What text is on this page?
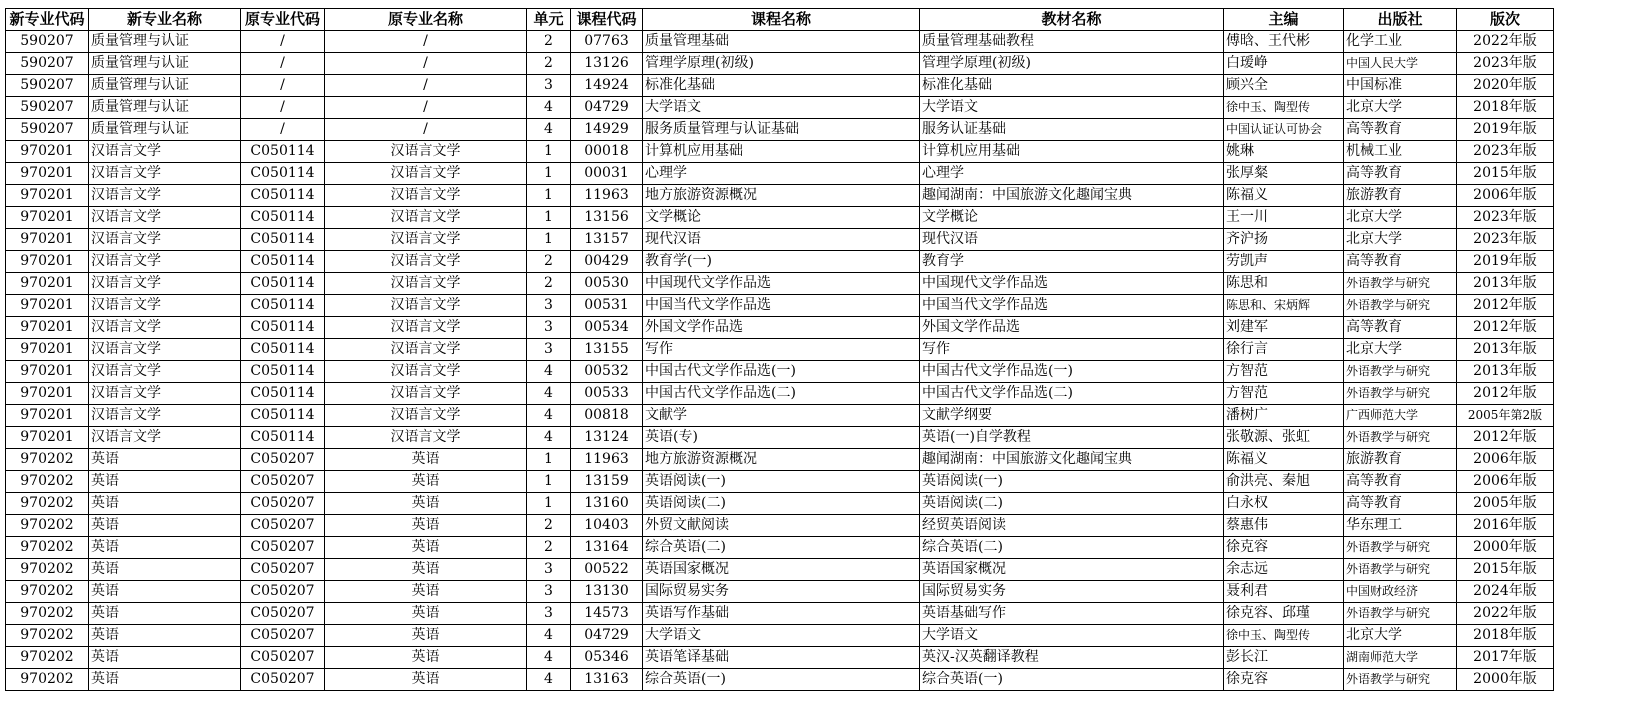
新专业代码	新专业名称	原专业代码	原专业名称	单元	课程代码	课程名称	教材名称	主编	出版社	版次
590207	质量管理与认证	/	/	2	07763	质量管理基础	质量管理基础教程	傅晗、王代彬	化学工业	2022年版
590207	质量管理与认证	/	/	2	13126	管理学原理(初级)	管理学原理(初级)	白瑷峥	中国人民大学	2023年版
590207	质量管理与认证	/	/	3	14924	标准化基础	标准化基础	顾兴全	中国标准	2020年版
590207	质量管理与认证	/	/	4	04729	大学语文	大学语文	徐中玉、陶型传	北京大学	2018年版
590207	质量管理与认证	/	/	4	14929	服务质量管理与认证基础	服务认证基础	中国认证认可协会	高等教育	2019年版
970201	汉语言文学	C050114	汉语言文学	1	00018	计算机应用基础	计算机应用基础	姚琳	机械工业	2023年版
970201	汉语言文学	C050114	汉语言文学	1	00031	心理学	心理学	张厚粲	高等教育	2015年版
970201	汉语言文学	C050114	汉语言文学	1	11963	地方旅游资源概况	趣闻湖南：中国旅游文化趣闻宝典	陈福义	旅游教育	2006年版
970201	汉语言文学	C050114	汉语言文学	1	13156	文学概论	文学概论	王一川	北京大学	2023年版
970201	汉语言文学	C050114	汉语言文学	1	13157	现代汉语	现代汉语	齐沪扬	北京大学	2023年版
970201	汉语言文学	C050114	汉语言文学	2	00429	教育学(一)	教育学	劳凯声	高等教育	2019年版
970201	汉语言文学	C050114	汉语言文学	2	00530	中国现代文学作品选	中国现代文学作品选	陈思和	外语教学与研究	2013年版
970201	汉语言文学	C050114	汉语言文学	3	00531	中国当代文学作品选	中国当代文学作品选	陈思和、宋炳辉	外语教学与研究	2012年版
970201	汉语言文学	C050114	汉语言文学	3	00534	外国文学作品选	外国文学作品选	刘建军	高等教育	2012年版
970201	汉语言文学	C050114	汉语言文学	3	13155	写作	写作	徐行言	北京大学	2013年版
970201	汉语言文学	C050114	汉语言文学	4	00532	中国古代文学作品选(一)	中国古代文学作品选(一)	方智范	外语教学与研究	2013年版
970201	汉语言文学	C050114	汉语言文学	4	00533	中国古代文学作品选(二)	中国古代文学作品选(二)	方智范	外语教学与研究	2012年版
970201	汉语言文学	C050114	汉语言文学	4	00818	文献学	文献学纲要	潘树广	广西师范大学	2005年第2版
970201	汉语言文学	C050114	汉语言文学	4	13124	英语(专)	英语(一)自学教程	张敬源、张虹	外语教学与研究	2012年版
970202	英语	C050207	英语	1	11963	地方旅游资源概况	趣闻湖南：中国旅游文化趣闻宝典	陈福义	旅游教育	2006年版
970202	英语	C050207	英语	1	13159	英语阅读(一)	英语阅读(一)	俞洪亮、秦旭	高等教育	2006年版
970202	英语	C050207	英语	1	13160	英语阅读(二)	英语阅读(二)	白永权	高等教育	2005年版
970202	英语	C050207	英语	2	10403	外贸文献阅读	经贸英语阅读	蔡惠伟	华东理工	2016年版
970202	英语	C050207	英语	2	13164	综合英语(二)	综合英语(二)	徐克容	外语教学与研究	2000年版
970202	英语	C050207	英语	3	00522	英语国家概况	英语国家概况	余志远	外语教学与研究	2015年版
970202	英语	C050207	英语	3	13130	国际贸易实务	国际贸易实务	聂利君	中国财政经济	2024年版
970202	英语	C050207	英语	3	14573	英语写作基础	英语基础写作	徐克容、邱瑾	外语教学与研究	2022年版
970202	英语	C050207	英语	4	04729	大学语文	大学语文	徐中玉、陶型传	北京大学	2018年版
970202	英语	C050207	英语	4	05346	英语笔译基础	英汉-汉英翻译教程	彭长江	湖南师范大学	2017年版
970202	英语	C050207	英语	4	13163	综合英语(一)	综合英语(一)	徐克容	外语教学与研究	2000年版
